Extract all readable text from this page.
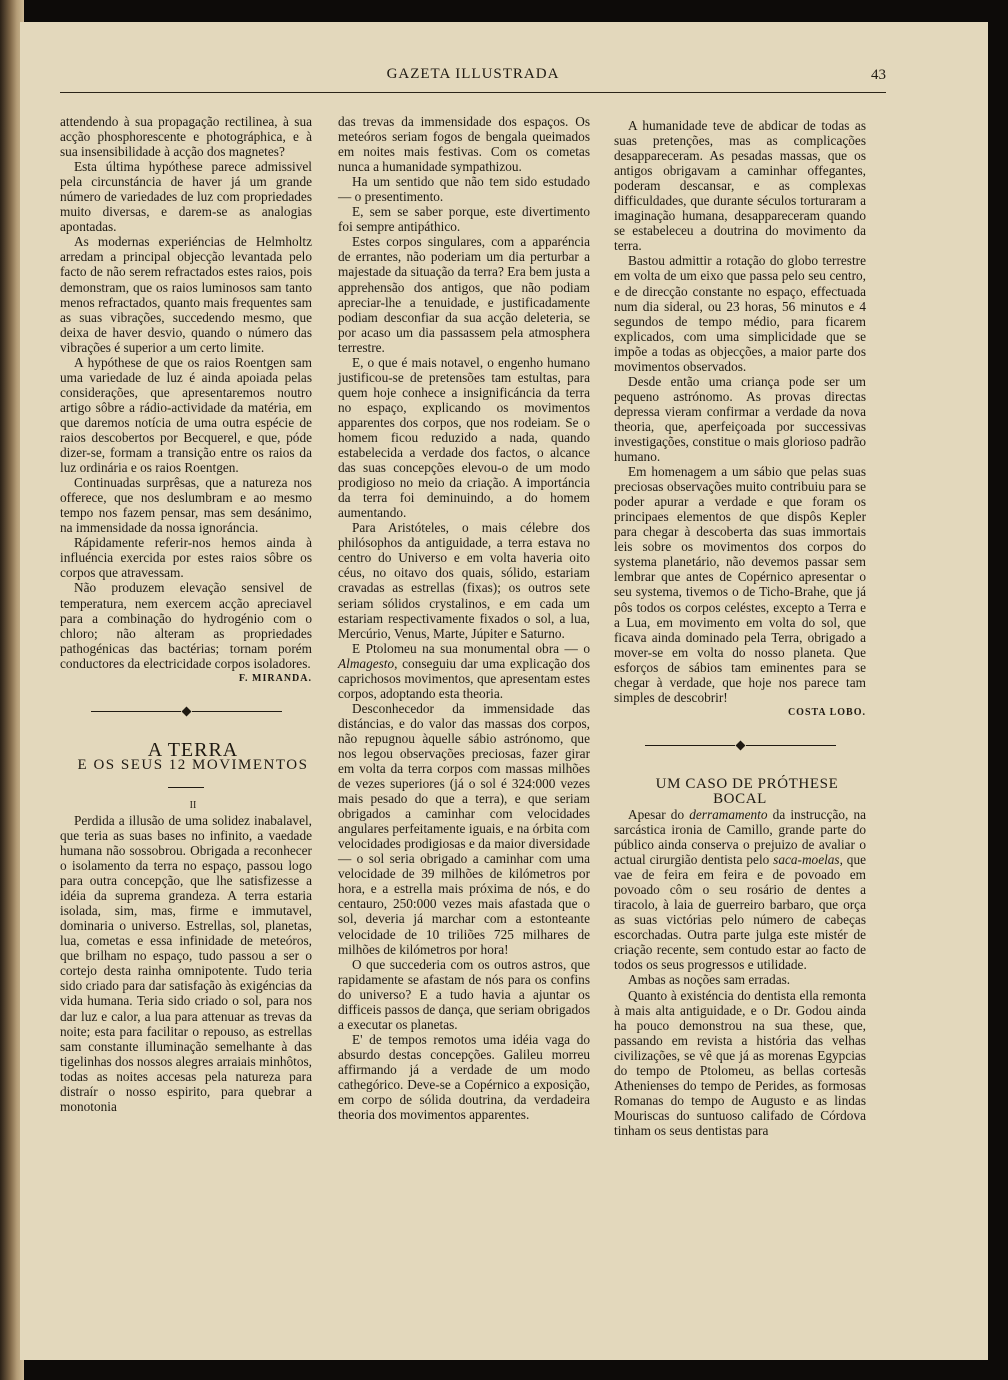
GAZETA ILLUSTRADA	43

attendendo à sua propagação rectilinea, à sua acção phosphorescente e photográphica, e à sua insensibilidade à acção dos magnetes?

Esta última hypóthese parece admissivel pela circunstáncia de haver já um grande número de variedades de luz com propriedades muito diversas, e darem-se as analogias apontadas.

As modernas experiéncias de Helmholtz arredam a principal objecção levantada pelo facto de não serem refractados estes raios, pois demonstram, que os raios luminosos sam tanto menos refractados, quanto mais frequentes sam as suas vibrações, succedendo mesmo, que deixa de haver desvio, quando o número das vibrações é superior a um certo limite.

A hypóthese de que os raios Roentgen sam uma variedade de luz é ainda apoiada pelas considerações, que apresentaremos noutro artigo sôbre a rádio-actividade da matéria, em que daremos notícia de uma outra espécie de raios descobertos por Becquerel, e que, póde dizer-se, formam a transição entre os raios da luz ordinária e os raios Roentgen.

Continuadas surprêsas, que a natureza nos offerece, que nos deslumbram e ao mesmo tempo nos fazem pensar, mas sem desánimo, na immensidade da nossa ignoráncia.

Rápidamente referir-nos hemos ainda à influéncia exercida por estes raios sôbre os corpos que atravessam.

Não produzem elevação sensivel de temperatura, nem exercem acção apreciavel para a combinação do hydrogénio com o chloro; não alteram as propriedades pathogénicas das bactérias; tornam porém conductores da electricidade corpos isoladores.

F. MIRANDA.

A TERRA

E OS SEUS 12 MOVIMENTOS

II

Perdida a illusão de uma solidez inabalavel, que teria as suas bases no infinito, a vaedade humana não sossobrou. Obrigada a reconhecer o isolamento da terra no espaço, passou logo para outra concepção, que lhe satisfizesse a idéia da suprema grandeza. A terra estaria isolada, sim, mas, firme e immutavel, dominaria o universo. Estrellas, sol, planetas, lua, cometas e essa infinidade de meteóros, que brilham no espaço, tudo passou a ser o cortejo desta rainha omnipotente. Tudo teria sido criado para dar satisfação às exigéncias da vida humana. Teria sido criado o sol, para nos dar luz e calor, a lua para attenuar as trevas da noite; esta para facilitar o repouso, as estrellas sam constante illuminação semelhante à das tigelinhas dos nossos alegres arraiais minhôtos, todas as noites accesas pela natureza para distraír o nosso espirito, para quebrar a monotonia

das trevas da immensidade dos espaços. Os meteóros seriam fogos de bengala queimados em noites mais festivas. Com os cometas nunca a humanidade sympathizou.

Ha um sentido que não tem sido estudado — o presentimento.

E, sem se saber porque, este divertimento foi sempre antipáthico.

Estes corpos singulares, com a apparéncia de errantes, não poderiam um dia perturbar a majestade da situação da terra? Era bem justa a apprehensão dos antigos, que não podiam apreciar-lhe a tenuidade, e justificadamente podiam desconfiar da sua acção deleteria, se por acaso um dia passassem pela atmosphera terrestre.

E, o que é mais notavel, o engenho humano justificou-se de pretensões tam estultas, para quem hoje conhece a insignificáncia da terra no espaço, explicando os movimentos apparentes dos corpos, que nos rodeiam. Se o homem ficou reduzido a nada, quando estabelecida a verdade dos factos, o alcance das suas concepções elevou-o de um modo prodigioso no meio da criação. A importáncia da terra foi deminuindo, a do homem aumentando.

Para Aristóteles, o mais célebre dos philósophos da antiguidade, a terra estava no centro do Universo e em volta haveria oito céus, no oitavo dos quais, sólido, estariam cravadas as estrellas (fixas); os outros sete seriam sólidos crystalinos, e em cada um estariam respectivamente fixados o sol, a lua, Mercúrio, Venus, Marte, Júpiter e Saturno.

E Ptolomeu na sua monumental obra — o Almagesto, conseguiu dar uma explicação dos caprichosos movimentos, que apresentam estes corpos, adoptando esta theoria.

Desconhecedor da immensidade das distáncias, e do valor das massas dos corpos, não repugnou àquelle sábio astrónomo, que nos legou observações preciosas, fazer girar em volta da terra corpos com massas milhões de vezes superiores (já o sol é 324:000 vezes mais pesado do que a terra), e que seriam obrigados a caminhar com velocidades angulares perfeitamente iguais, e na órbita com velocidades prodigiosas e da maior diversidade — o sol seria obrigado a caminhar com uma velocidade de 39 milhões de kilómetros por hora, e a estrella mais próxima de nós, e do centauro, 250:000 vezes mais afastada que o sol, deveria já marchar com a estonteante velocidade de 10 triliões 725 milhares de milhões de kilómetros por hora!

O que succederia com os outros astros, que rapidamente se afastam de nós para os confins do universo? E a tudo havia a ajuntar os difficeis passos de dança, que seriam obrigados a executar os planetas.

E' de tempos remotos uma idéia vaga do absurdo destas concepções. Galileu morreu affirmando já a verdade de um modo cathegórico. Deve-se a Copérnico a exposição, em corpo de sólida doutrina, da verdadeira theoria dos movimentos apparentes.

A humanidade teve de abdicar de todas as suas pretenções, mas as complicações desappareceram. As pesadas massas, que os antigos obrigavam a caminhar offegantes, poderam descansar, e as complexas difficuldades, que durante séculos torturaram a imaginação humana, desappareceram quando se estabeleceu a doutrina do movimento da terra.

Bastou admittir a rotação do globo terrestre em volta de um eixo que passa pelo seu centro, e de direcção constante no espaço, effectuada num dia sideral, ou 23 horas, 56 minutos e 4 segundos de tempo médio, para ficarem explicados, com uma simplicidade que se impõe a todas as objecções, a maior parte dos movimentos observados.

Desde então uma criança pode ser um pequeno astrónomo. As provas directas depressa vieram confirmar a verdade da nova theoria, que, aperfeiçoada por successivas investigações, constitue o mais glorioso padrão humano.

Em homenagem a um sábio que pelas suas preciosas observações muito contribuiu para se poder apurar a verdade e que foram os principaes elementos de que dispôs Kepler para chegar à descoberta das suas immortais leis sobre os movimentos dos corpos do systema planetário, não devemos passar sem lembrar que antes de Copérnico apresentar o seu systema, tivemos o de Ticho-Brahe, que já pôs todos os corpos celéstes, excepto a Terra e a Lua, em movimento em volta do sol, que ficava ainda dominado pela Terra, obrigado a mover-se em volta do nosso planeta. Que esforços de sábios tam eminentes para se chegar à verdade, que hoje nos parece tam simples de descobrir!

COSTA LOBO.

UM CASO DE PRÓTHESE BOCAL

Apesar do derramamento da instrucção, na sarcástica ironia de Camillo, grande parte do público ainda conserva o prejuizo de avaliar o actual cirurgião dentista pelo saca-moelas, que vae de feira em feira e de povoado em povoado côm o seu rosário de dentes a tiracolo, à laia de guerreiro barbaro, que orça as suas victórias pelo número de cabeças escorchadas. Outra parte julga este mistér de criação recente, sem contudo estar ao facto de todos os seus progressos e utilidade.

Ambas as noções sam erradas.

Quanto à existéncia do dentista ella remonta à mais alta antiguidade, e o Dr. Godou ainda ha pouco demonstrou na sua these, que, passando em revista a história das velhas civilizações, se vê que já as morenas Egypcias do tempo de Ptolomeu, as bellas cortesãs Athenienses do tempo de Perides, as formosas Romanas do tempo de Augusto e as lindas Mouriscas do suntuoso califado de Córdova tinham os seus dentistas para
